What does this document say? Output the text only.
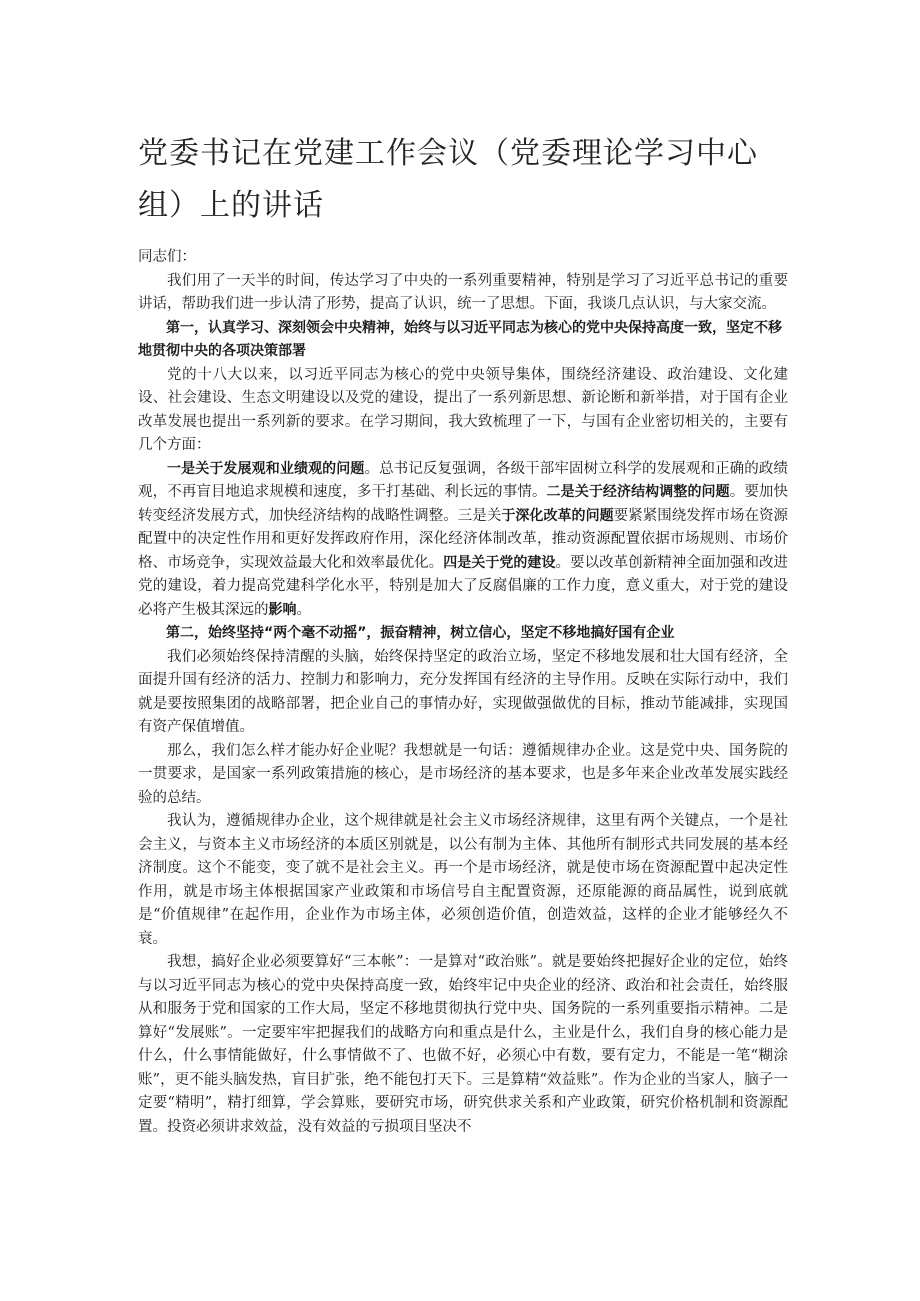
党委书记在党建工作会议（党委理论学习中心组）上的讲话

同志们：

我们用了一天半的时间，传达学习了中央的一系列重要精神，特别是学习了习近平总书记的重要讲话，帮助我们进一步认清了形势，提高了认识，统一了思想。下面，我谈几点认识，与大家交流。

第一，认真学习、深刻领会中央精神，始终与以习近平同志为核心的党中央保持高度一致，坚定不移地贯彻中央的各项决策部署

党的十八大以来，以习近平同志为核心的党中央领导集体，围绕经济建设、政治建设、文化建设、社会建设、生态文明建设以及党的建设，提出了一系列新思想、新论断和新举措，对于国有企业改革发展也提出一系列新的要求。在学习期间，我大致梳理了一下，与国有企业密切相关的，主要有几个方面：

一是关于发展观和业绩观的问题。总书记反复强调，各级干部牢固树立科学的发展观和正确的政绩观，不再盲目地追求规模和速度，多干打基础、利长远的事情。二是关于经济结构调整的问题。要加快转变经济发展方式，加快经济结构的战略性调整。三是关于深化改革的问题要紧紧围绕发挥市场在资源配置中的决定性作用和更好发挥政府作用，深化经济体制改革，推动资源配置依据市场规则、市场价格、市场竞争，实现效益最大化和效率最优化。四是关于党的建设。要以改革创新精神全面加强和改进党的建设，着力提高党建科学化水平，特别是加大了反腐倡廉的工作力度，意义重大，对于党的建设必将产生极其深远的影响。

第二，始终坚持“两个毫不动摇”，振奋精神，树立信心，坚定不移地搞好国有企业

我们必须始终保持清醒的头脑，始终保持坚定的政治立场，坚定不移地发展和壮大国有经济，全面提升国有经济的活力、控制力和影响力，充分发挥国有经济的主导作用。反映在实际行动中，我们就是要按照集团的战略部署，把企业自己的事情办好，实现做强做优的目标，推动节能减排，实现国有资产保值增值。

那么，我们怎么样才能办好企业呢？我想就是一句话：遵循规律办企业。这是党中央、国务院的一贯要求，是国家一系列政策措施的核心，是市场经济的基本要求，也是多年来企业改革发展实践经验的总结。

我认为，遵循规律办企业，这个规律就是社会主义市场经济规律，这里有两个关键点，一个是社会主义，与资本主义市场经济的本质区别就是，以公有制为主体、其他所有制形式共同发展的基本经济制度。这个不能变，变了就不是社会主义。再一个是市场经济，就是使市场在资源配置中起决定性作用，就是市场主体根据国家产业政策和市场信号自主配置资源，还原能源的商品属性，说到底就是“价值规律”在起作用，企业作为市场主体，必须创造价值，创造效益，这样的企业才能够经久不衰。

我想，搞好企业必须要算好“三本帐”：一是算对“政治账”。就是要始终把握好企业的定位，始终与以习近平同志为核心的党中央保持高度一致，始终牢记中央企业的经济、政治和社会责任，始终服从和服务于党和国家的工作大局，坚定不移地贯彻执行党中央、国务院的一系列重要指示精神。二是算好“发展账”。一定要牢牢把握我们的战略方向和重点是什么，主业是什么，我们自身的核心能力是什么，什么事情能做好，什么事情做不了、也做不好，必须心中有数，要有定力，不能是一笔“糊涂账”，更不能头脑发热，盲目扩张，绝不能包打天下。三是算精“效益账”。作为企业的当家人，脑子一定要“精明”，精打细算，学会算账，要研究市场，研究供求关系和产业政策，研究价格机制和资源配置。投资必须讲求效益，没有效益的亏损项目坚决不
